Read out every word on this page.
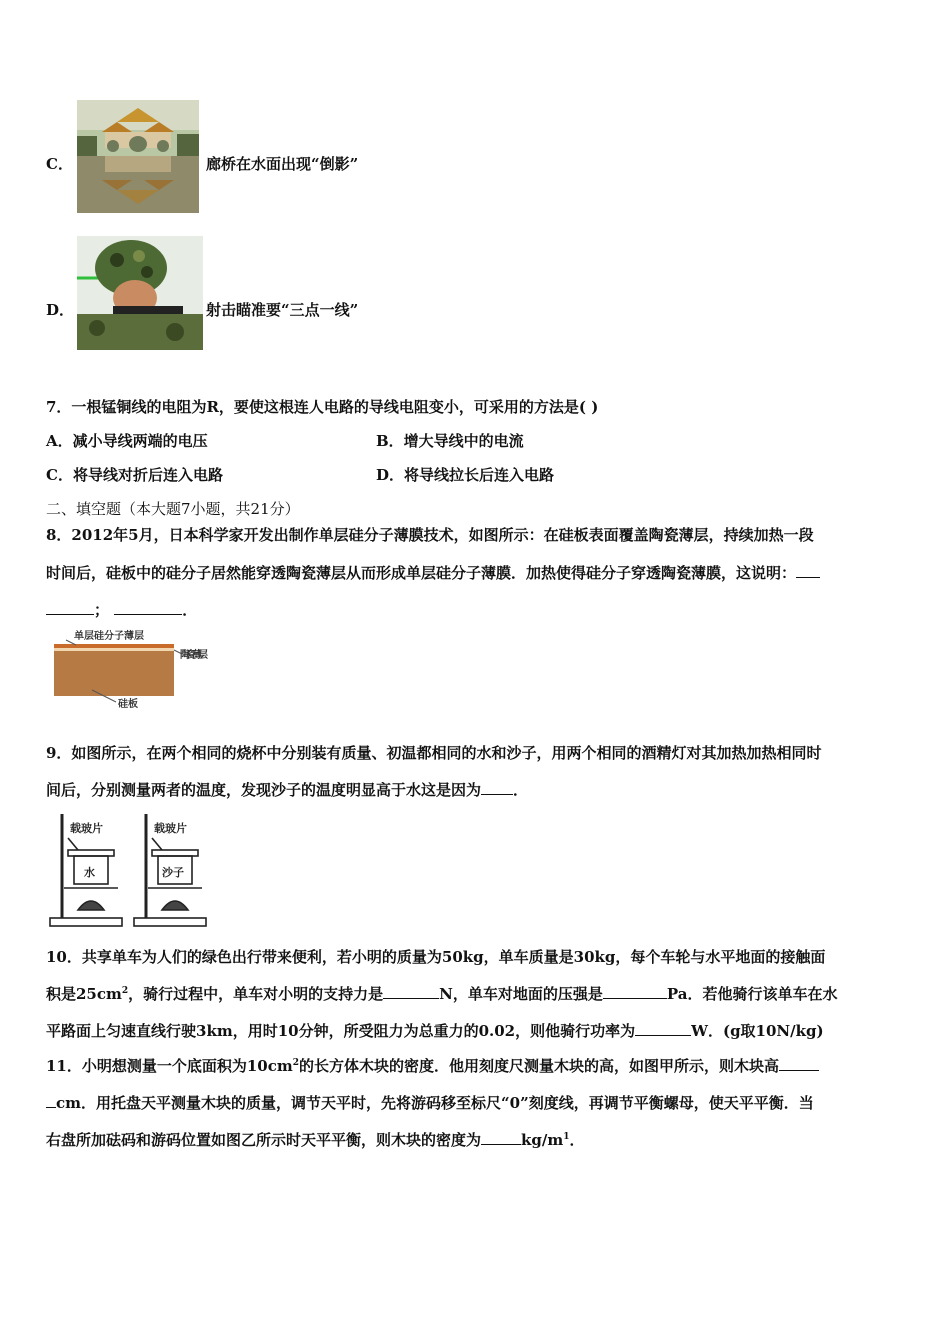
C．	廊桥在水面出现“倒影”
D．	射击瞄准要“三点一线”
7．一根锰铜线的电阻为R，要使这根连人电路的导线电阻变小，可采用的方法是( )
A．减小导线两端的电压	B．增大导线中的电流
C．将导线对折后连入电路	D．将导线拉长后连入电路
二、填空题（本大题7小题，共21分）
8．2012年5月，日本科学家开发出制作单层硅分子薄膜技术，如图所示：在硅板表面覆盖陶瓷薄层，持续加热一段
时间后，硅板中的硅分子居然能穿透陶瓷薄层从而形成单层硅分子薄膜．加热使得硅分子穿透陶瓷薄膜，这说明：
；	．
单层硅分子薄层
陶瓷薄层
硅板
9．如图所示，在两个相同的烧杯中分别装有质量、初温都相同的水和沙子，用两个相同的酒精灯对其加热加热相同时
间后，分别测量两者的温度，发现沙子的温度明显高于水这是因为 ．
水
载玻片
沙子
载玻片
10．共享单车为人们的绿色出行带来便利，若小明的质量为50kg，单车质量是30kg，每个车轮与水平地面的接触面
积是$25cm^2$，骑行过程中，单车对小明的支持力是	N，单车对地面的压强是	Pa．若他骑行该单车在水
平路面上匀速直线行驶3km，用时10分钟，所受阻力为总重力的0.02，则他骑行功率为	W．(g取10N/kg)
11．小明想测量一个底面积为$10cm^2$的长方体木块的密度．他用刻度尺测量木块的高，如图甲所示，则木块高
cm．用托盘天平测量木块的质量，调节天平时，先将游码移至标尺“0”刻度线，再调节平衡螺母，使天平平衡．当
右盘所加砝码和游码位置如图乙所示时天平平衡，则木块的密度为	$kg/m^1$．
